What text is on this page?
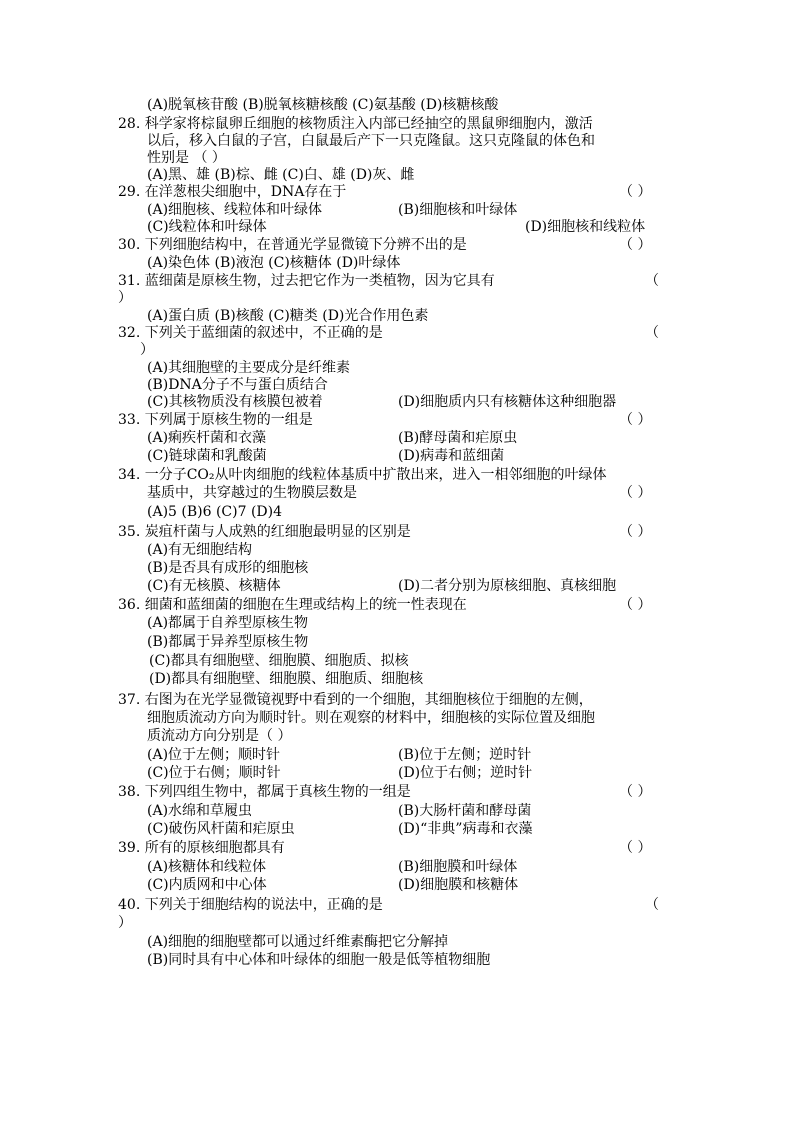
(A)脱氧核苷酸 (B)脱氧核糖核酸 (C)氨基酸 (D)核糖核酸
28. 科学家将棕鼠卵丘细胞的核物质注入内部已经抽空的黑鼠卵细胞内，激活
以后，移入白鼠的子宫，白鼠最后产下一只克隆鼠。这只克隆鼠的体色和
性别是 （ ）
(A)黑、雄 (B)棕、雌 (C)白、雄 (D)灰、雌
29. 在洋葱根尖细胞中，DNA存在于	（ ）
(A)细胞核、线粒体和叶绿体	(B)细胞核和叶绿体
(C)线粒体和叶绿体	(D)细胞核和线粒体
30. 下列细胞结构中，在普通光学显微镜下分辨不出的是	（ ）
(A)染色体 (B)液泡 (C)核糖体 (D)叶绿体
31. 蓝细菌是原核生物，过去把它作为一类植物，因为它具有	（
）
(A)蛋白质 (B)核酸 (C)糖类 (D)光合作用色素
32. 下列关于蓝细菌的叙述中，不正确的是	（
）
(A)其细胞壁的主要成分是纤维素
(B)DNA分子不与蛋白质结合
(C)其核物质没有核膜包被着	(D)细胞质内只有核糖体这种细胞器
33. 下列属于原核生物的一组是	（ ）
(A)痢疾杆菌和衣藻	(B)酵母菌和疟原虫
(C)链球菌和乳酸菌	(D)病毒和蓝细菌
34. 一分子CO₂从叶肉细胞的线粒体基质中扩散出来，进入一相邻细胞的叶绿体
基质中，共穿越过的生物膜层数是	（ ）
(A)5 (B)6 (C)7 (D)4
35. 炭疽杆菌与人成熟的红细胞最明显的区别是	（ ）
(A)有无细胞结构
(B)是否具有成形的细胞核
(C)有无核膜、核糖体	(D)二者分别为原核细胞、真核细胞
36. 细菌和蓝细菌的细胞在生理或结构上的统一性表现在	（ ）
(A)都属于自养型原核生物
(B)都属于异养型原核生物
(C)都具有细胞壁、细胞膜、细胞质、拟核
(D)都具有细胞壁、细胞膜、细胞质、细胞核
37. 右图为在光学显微镜视野中看到的一个细胞，其细胞核位于细胞的左侧，
细胞质流动方向为顺时针。则在观察的材料中，细胞核的实际位置及细胞
质流动方向分别是（ ）
(A)位于左侧；顺时针	(B)位于左侧；逆时针
(C)位于右侧；顺时针	(D)位于右侧；逆时针
38. 下列四组生物中，都属于真核生物的一组是	（ ）
(A)水绵和草履虫	(B)大肠杆菌和酵母菌
(C)破伤风杆菌和疟原虫	(D)“非典”病毒和衣藻
39. 所有的原核细胞都具有	（ ）
(A)核糖体和线粒体	(B)细胞膜和叶绿体
(C)内质网和中心体	(D)细胞膜和核糖体
40. 下列关于细胞结构的说法中，正确的是	（
）
(A)细胞的细胞壁都可以通过纤维素酶把它分解掉
(B)同时具有中心体和叶绿体的细胞一般是低等植物细胞
